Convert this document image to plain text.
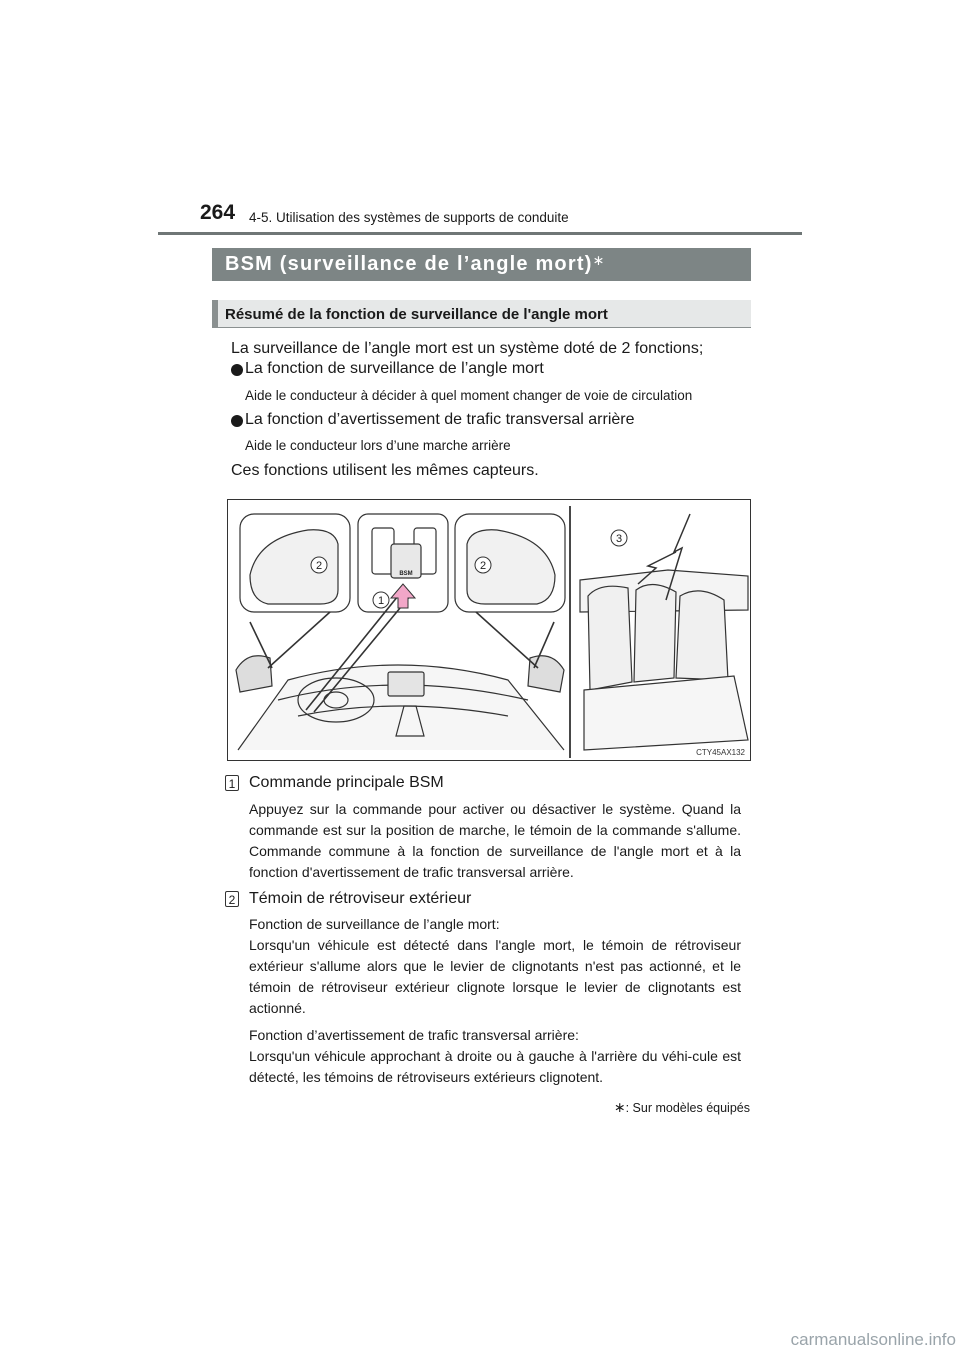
264 4-5. Utilisation des systèmes de supports de conduite
BSM (surveillance de l’angle mort)∗
Résumé de la fonction de surveillance de l'angle mort
La surveillance de l’angle mort est un système doté de 2 fonctions;
La fonction de surveillance de l’angle mort
Aide le conducteur à décider à quel moment changer de voie de circulation
La fonction d’avertissement de trafic transversal arrière
Aide le conducteur lors d’une marche arrière
Ces fonctions utilisent les mêmes capteurs.
1
2	2
3
BSM
CTY45AX132
1 Commande principale BSM
Appuyez sur la commande pour activer ou désactiver le système. Quand la commande est sur la position de marche, le témoin de la commande s'allume. Commande commune à la fonction de surveillance de l'angle mort et à la fonction d'avertissement de trafic transversal arrière.
2 Témoin de rétroviseur extérieur
Fonction de surveillance de l’angle mort:
Lorsqu'un véhicule est détecté dans l'angle mort, le témoin de rétroviseur extérieur s'allume alors que le levier de clignotants n'est pas actionné, et le témoin de rétroviseur extérieur clignote lorsque le levier de clignotants est actionné.
Fonction d’avertissement de trafic transversal arrière:
Lorsqu'un véhicule approchant à droite ou à gauche à l'arrière du véhi-cule est détecté, les témoins de rétroviseurs extérieurs clignotent.
∗: Sur modèles équipés
carmanualsonline.info
